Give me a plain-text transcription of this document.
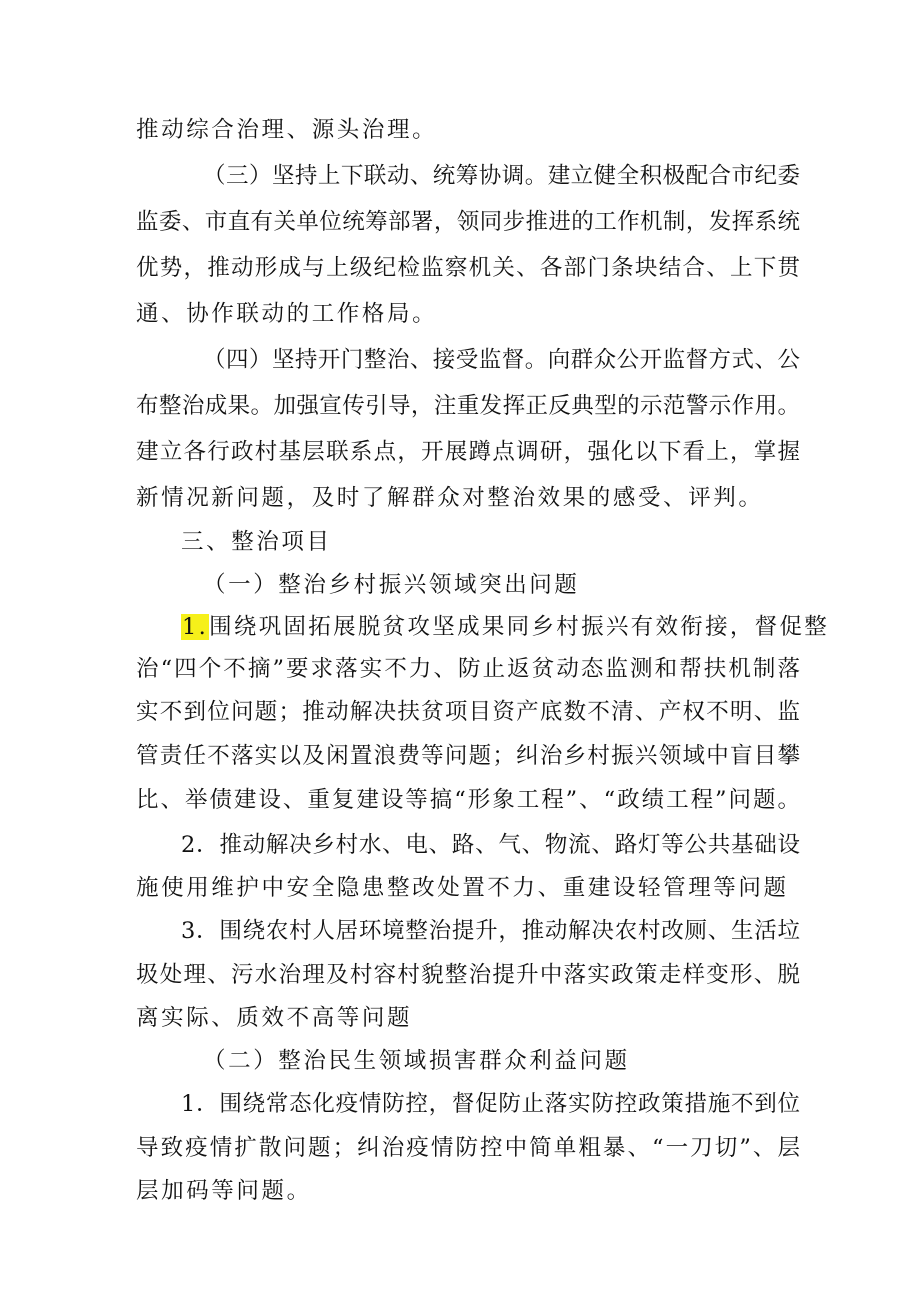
推动综合治理、源头治理。
（三）坚持上下联动、统筹协调。建立健全积极配合市纪委
监委、市直有关单位统筹部署，领同步推进的工作机制，发挥系统
优势，推动形成与上级纪检监察机关、各部门条块结合、上下贯
通、协作联动的工作格局。
（四）坚持开门整治、接受监督。向群众公开监督方式、公
布整治成果。加强宣传引导，注重发挥正反典型的示范警示作用。
建立各行政村基层联系点，开展蹲点调研，强化以下看上，掌握
新情况新问题，及时了解群众对整治效果的感受、评判。
三、整治项目
（一）整治乡村振兴领域突出问题
1.围绕巩固拓展脱贫攻坚成果同乡村振兴有效衔接，督促整
治“四个不摘”要求落实不力、防止返贫动态监测和帮扶机制落
实不到位问题；推动解决扶贫项目资产底数不清、产权不明、监
管责任不落实以及闲置浪费等问题；纠治乡村振兴领域中盲目攀
比、举债建设、重复建设等搞“形象工程”、“政绩工程”问题。
2．推动解决乡村水、电、路、气、物流、路灯等公共基础设
施使用维护中安全隐患整改处置不力、重建设轻管理等问题
3．围绕农村人居环境整治提升，推动解决农村改厕、生活垃
圾处理、污水治理及村容村貌整治提升中落实政策走样变形、脱
离实际、质效不高等问题
（二）整治民生领域损害群众利益问题
1．围绕常态化疫情防控，督促防止落实防控政策措施不到位
导致疫情扩散问题；纠治疫情防控中简单粗暴、“一刀切”、层
层加码等问题。
